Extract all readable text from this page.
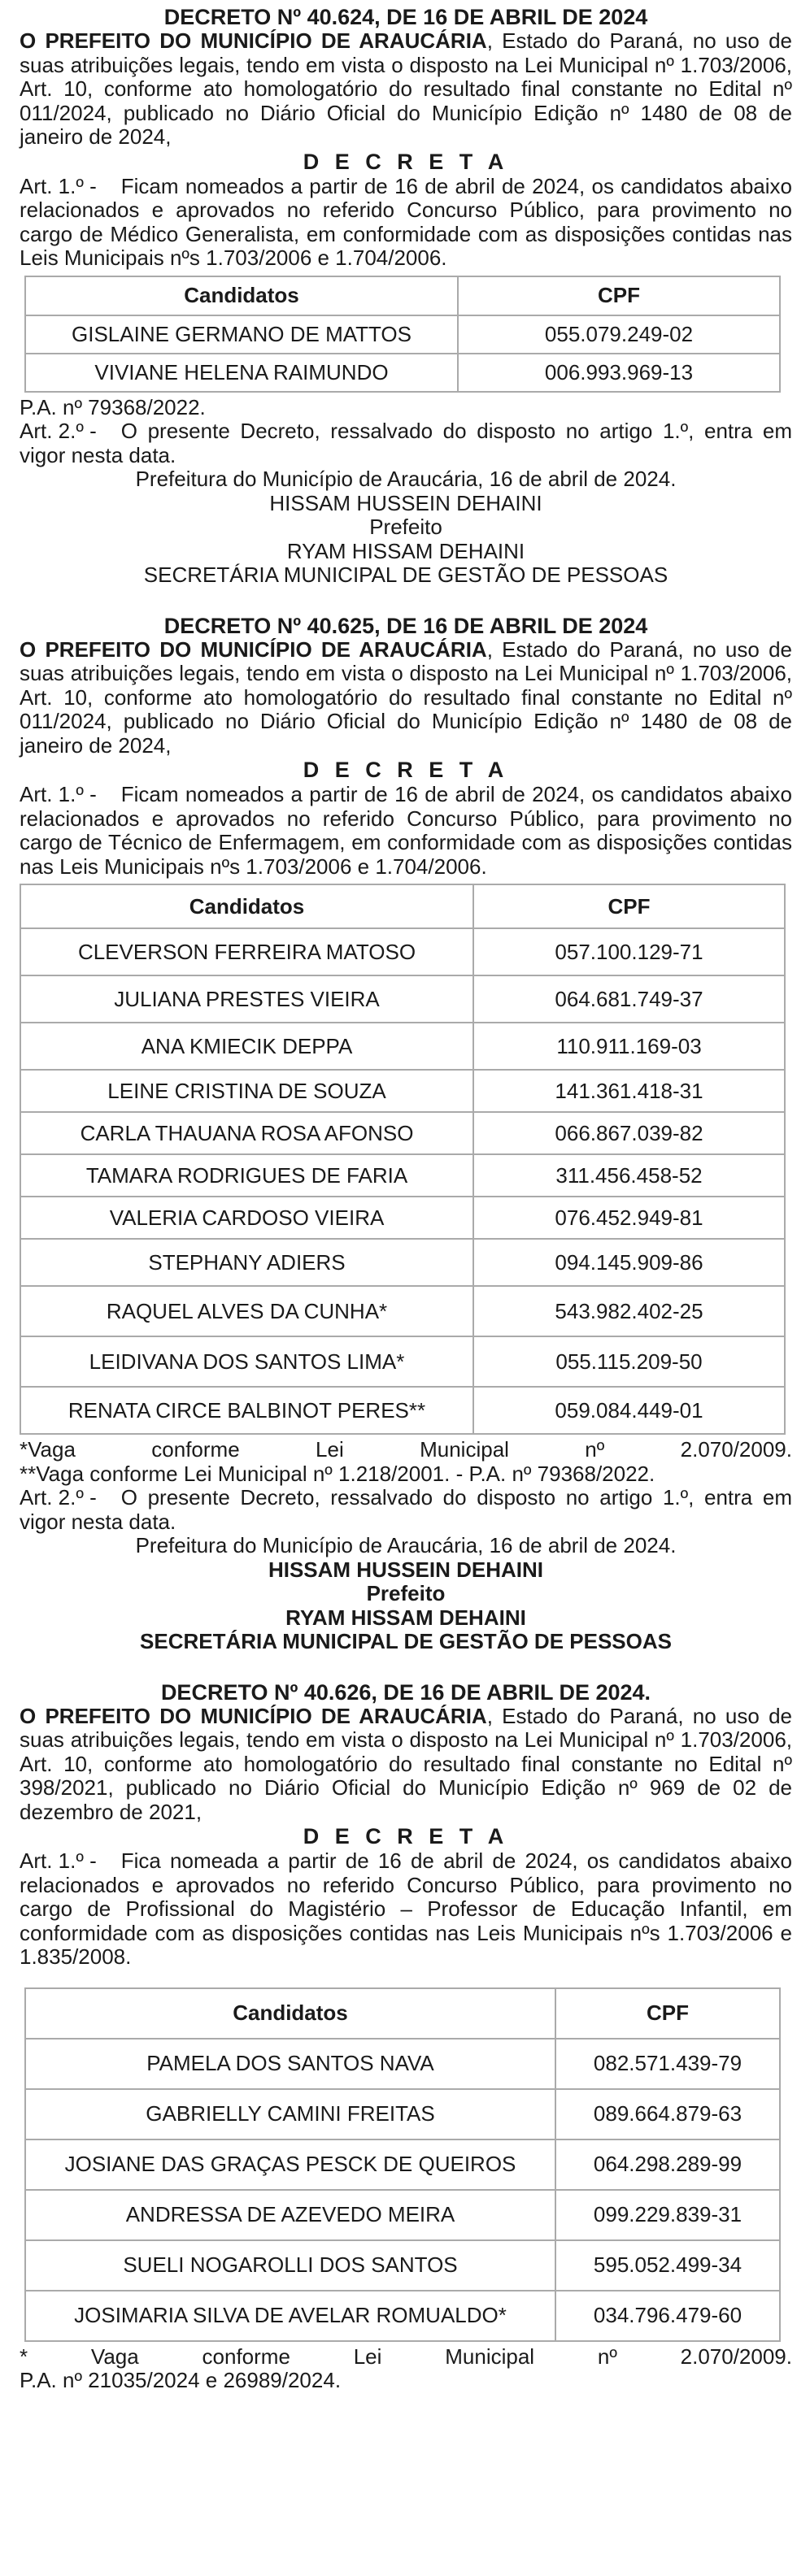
DECRETO Nº 40.624, DE 16 DE ABRIL DE 2024

O PREFEITO DO MUNICÍPIO DE ARAUCÁRIA, Estado do Paraná, no uso de suas atribuições legais, tendo em vista o disposto na Lei Municipal nº 1.703/2006, Art. 10, conforme ato homologatório do resultado final constante no Edital nº 011/2024, publicado no Diário Oficial do Município Edição nº 1480 de 08 de janeiro de 2024,

D E C R E T A

Art. 1.º - Ficam nomeados a partir de 16 de abril de 2024, os candidatos abaixo relacionados e aprovados no referido Concurso Público, para provimento no cargo de Médico Generalista, em conformidade com as disposições contidas nas Leis Municipais nºs 1.703/2006 e 1.704/2006.

Candidatos	CPF
GISLAINE GERMANO DE MATTOS	055.079.249-02
VIVIANE HELENA RAIMUNDO	006.993.969-13

P.A. nº 79368/2022.

Art. 2.º - O presente Decreto, ressalvado do disposto no artigo 1.º, entra em vigor nesta data.

Prefeitura do Município de Araucária, 16 de abril de 2024.

HISSAM HUSSEIN DEHAINI

Prefeito

RYAM HISSAM DEHAINI

SECRETÁRIA MUNICIPAL DE GESTÃO DE PESSOAS

DECRETO Nº 40.625, DE 16 DE ABRIL DE 2024

O PREFEITO DO MUNICÍPIO DE ARAUCÁRIA, Estado do Paraná, no uso de suas atribuições legais, tendo em vista o disposto na Lei Municipal nº 1.703/2006, Art. 10, conforme ato homologatório do resultado final constante no Edital nº 011/2024, publicado no Diário Oficial do Município Edição nº 1480 de 08 de janeiro de 2024,

D E C R E T A

Art. 1.º - Ficam nomeados a partir de 16 de abril de 2024, os candidatos abaixo relacionados e aprovados no referido Concurso Público, para provimento no cargo de Técnico de Enfermagem, em conformidade com as disposições contidas nas Leis Municipais nºs 1.703/2006 e 1.704/2006.

Candidatos	CPF
CLEVERSON FERREIRA MATOSO	057.100.129-71
JULIANA PRESTES VIEIRA	064.681.749-37
ANA KMIECIK DEPPA	110.911.169-03
LEINE CRISTINA DE SOUZA	141.361.418-31
CARLA THAUANA ROSA AFONSO	066.867.039-82
TAMARA RODRIGUES DE FARIA	311.456.458-52
VALERIA CARDOSO VIEIRA	076.452.949-81
STEPHANY ADIERS	094.145.909-86
RAQUEL ALVES DA CUNHA*	543.982.402-25
LEIDIVANA DOS SANTOS LIMA*	055.115.209-50
RENATA CIRCE BALBINOT PERES**	059.084.449-01

*Vaga conforme Lei Municipal nº 2.070/2009.

**Vaga conforme Lei Municipal nº 1.218/2001. - P.A. nº 79368/2022.

Art. 2.º - O presente Decreto, ressalvado do disposto no artigo 1.º, entra em vigor nesta data.

Prefeitura do Município de Araucária, 16 de abril de 2024.

HISSAM HUSSEIN DEHAINI

Prefeito

RYAM HISSAM DEHAINI

SECRETÁRIA MUNICIPAL DE GESTÃO DE PESSOAS

DECRETO Nº 40.626, DE 16 DE ABRIL DE 2024.

O PREFEITO DO MUNICÍPIO DE ARAUCÁRIA, Estado do Paraná, no uso de suas atribuições legais, tendo em vista o disposto na Lei Municipal nº 1.703/2006, Art. 10, conforme ato homologatório do resultado final constante no Edital nº 398/2021, publicado no Diário Oficial do Município Edição nº 969 de 02 de dezembro de 2021,

D E C R E T A

Art. 1.º - Fica nomeada a partir de 16 de abril de 2024, os candidatos abaixo relacionados e aprovados no referido Concurso Público, para provimento no cargo de Profissional do Magistério – Professor de Educação Infantil, em conformidade com as disposições contidas nas Leis Municipais nºs 1.703/2006 e 1.835/2008.

Candidatos	CPF
PAMELA DOS SANTOS NAVA	082.571.439-79
GABRIELLY CAMINI FREITAS	089.664.879-63
JOSIANE DAS GRAÇAS PESCK DE QUEIROS	064.298.289-99
ANDRESSA DE AZEVEDO MEIRA	099.229.839-31
SUELI NOGAROLLI DOS SANTOS	595.052.499-34
JOSIMARIA SILVA DE AVELAR ROMUALDO*	034.796.479-60

* Vaga conforme Lei Municipal nº 2.070/2009.

P.A. nº 21035/2024 e 26989/2024.
